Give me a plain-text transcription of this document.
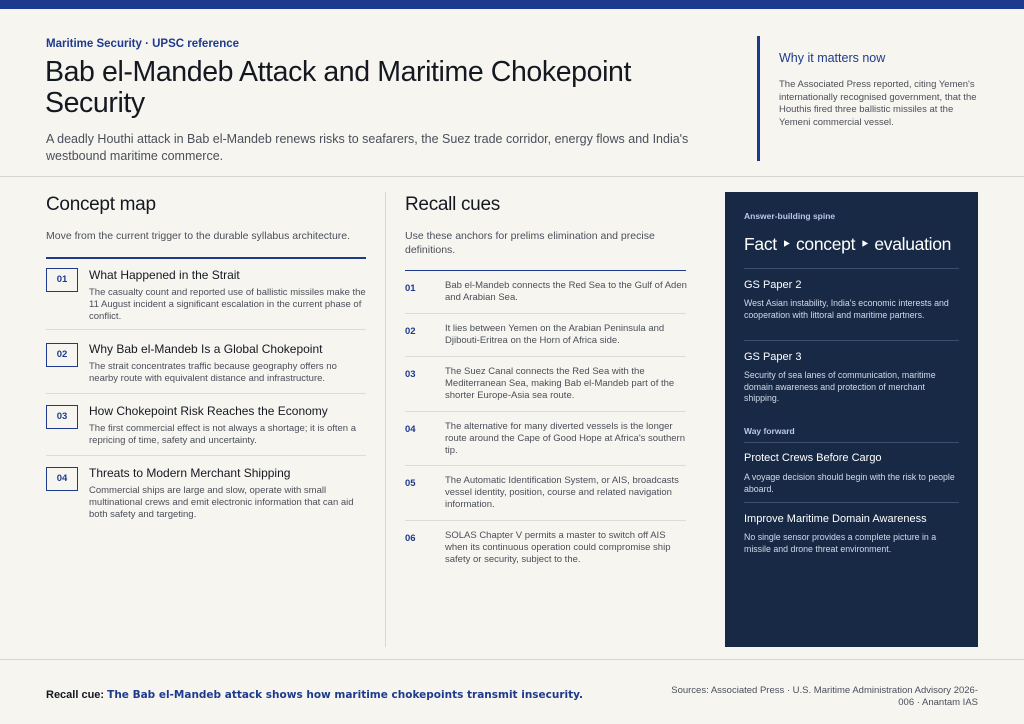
Maritime Security · UPSC reference
Bab el-Mandeb Attack and Maritime Chokepoint Security

A deadly Houthi attack in Bab el-Mandeb renews risks to seafarers, the Suez trade corridor, energy flows and India's westbound maritime commerce.

Why it matters now
The Associated Press reported, citing Yemen's internationally recognised government, that the Houthis fired three ballistic missiles at the Yemeni commercial vessel.
Concept map
Move from the current trigger to the durable syllabus architecture.
01	What Happened in the Strait
The casualty count and reported use of ballistic missiles make the 11 August incident a significant escalation in the current phase of conflict.
02	Why Bab el-Mandeb Is a Global Chokepoint
The strait concentrates traffic because geography offers no nearby route with equivalent distance and infrastructure.
03	How Chokepoint Risk Reaches the Economy
The first commercial effect is not always a shortage; it is often a repricing of time, safety and uncertainty.
04	Threats to Modern Merchant Shipping
Commercial ships are large and slow, operate with small multinational crews and emit electronic information that can aid both safety and targeting.
Recall cues
Use these anchors for prelims elimination and precise definitions.
01	Bab el-Mandeb connects the Red Sea to the Gulf of Aden and Arabian Sea.
02	It lies between Yemen on the Arabian Peninsula and Djibouti-Eritrea on the Horn of Africa side.
03	The Suez Canal connects the Red Sea with the Mediterranean Sea, making Bab el-Mandeb part of the shorter Europe-Asia sea route.
04	The alternative for many diverted vessels is the longer route around the Cape of Good Hope at Africa's southern tip.
05	The Automatic Identification System, or AIS, broadcasts vessel identity, position, course and related navigation information.
06	SOLAS Chapter V permits a master to switch off AIS when its continuous operation could compromise ship safety or security, subject to the.
Answer-building spine
Fact ‣ concept ‣ evaluation
GS Paper 2
West Asian instability, India's economic interests and cooperation with littoral and maritime partners.
GS Paper 3
Security of sea lanes of communication, maritime domain awareness and protection of merchant shipping.
Way forward
Protect Crews Before Cargo
A voyage decision should begin with the risk to people aboard.
Improve Maritime Domain Awareness
No single sensor provides a complete picture in a missile and drone threat environment.
Recall cue: The Bab el-Mandeb attack shows how maritime chokepoints transmit insecurity.	Sources: Associated Press · U.S. Maritime Administration Advisory 2026-006 · Anantam IAS
